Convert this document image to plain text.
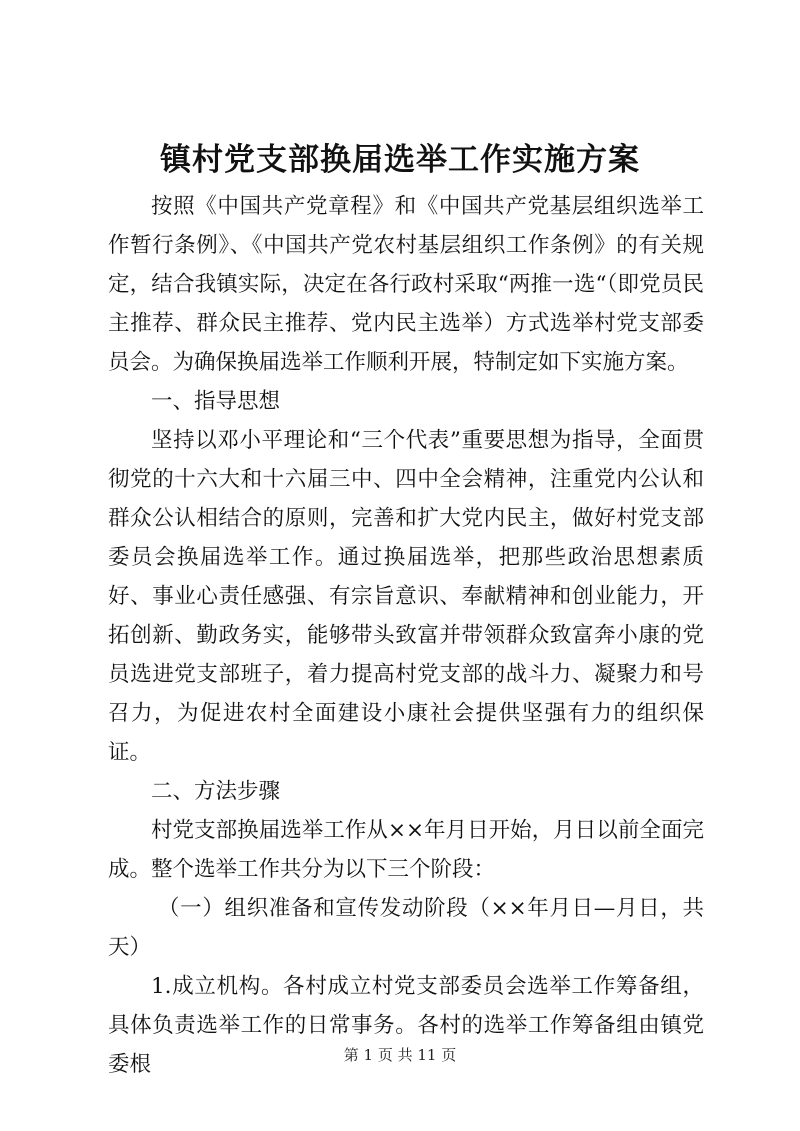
镇村党支部换届选举工作实施方案

按照《中国共产党章程》和《中国共产党基层组织选举工作暂行条例》、《中国共产党农村基层组织工作条例》的有关规定，结合我镇实际，决定在各行政村采取“两推一选“（即党员民主推荐、群众民主推荐、党内民主选举）方式选举村党支部委员会。为确保换届选举工作顺利开展，特制定如下实施方案。

一、指导思想

坚持以邓小平理论和“三个代表”重要思想为指导，全面贯彻党的十六大和十六届三中、四中全会精神，注重党内公认和群众公认相结合的原则，完善和扩大党内民主，做好村党支部委员会换届选举工作。通过换届选举，把那些政治思想素质好、事业心责任感强、有宗旨意识、奉献精神和创业能力，开拓创新、勤政务实，能够带头致富并带领群众致富奔小康的党员选进党支部班子，着力提高村党支部的战斗力、凝聚力和号召力，为促进农村全面建设小康社会提供坚强有力的组织保证。

二、方法步骤

村党支部换届选举工作从××年月日开始，月日以前全面完成。整个选举工作共分为以下三个阶段：

（一）组织准备和宣传发动阶段（××年月日—月日，共天）

1.成立机构。各村成立村党支部委员会选举工作筹备组，具体负责选举工作的日常事务。各村的选举工作筹备组由镇党委根	第 1 页 共 11 页
